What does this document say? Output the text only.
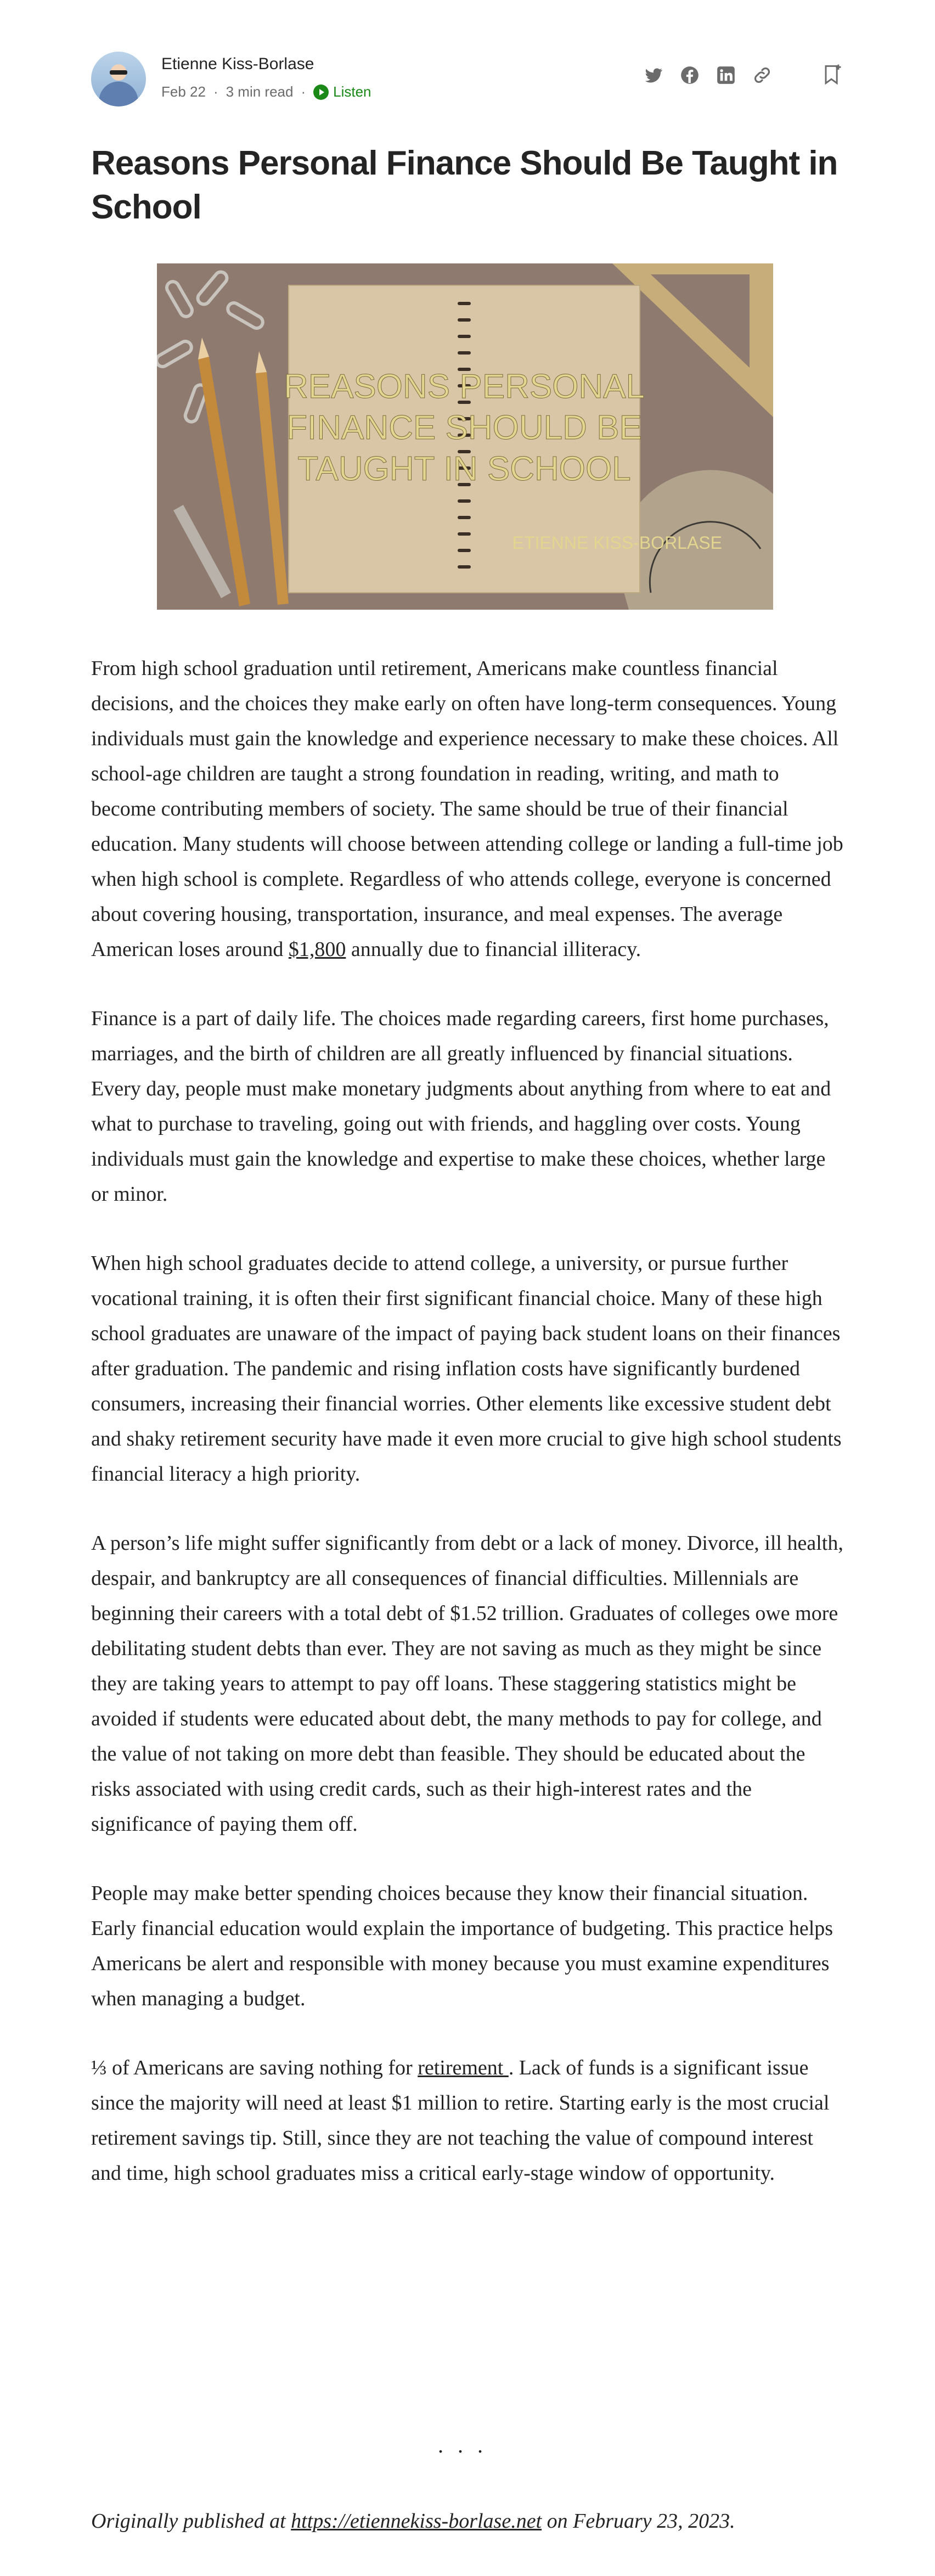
Etienne Kiss-Borlase
Feb 22 · 3 min read · Listen
Reasons Personal Finance Should Be Taught in School
REASONS PERSONAL
FINANCE SHOULD BE
TAUGHT IN SCHOOL
ETIENNE KISS-BORLASE

From high school graduation until retirement, Americans make countless financial decisions, and the choices they make early on often have long-term consequences. Young individuals must gain the knowledge and experience necessary to make these choices. All school-age children are taught a strong foundation in reading, writing, and math to become contributing members of society. The same should be true of their financial education. Many students will choose between attending college or landing a full-time job when high school is complete. Regardless of who attends college, everyone is concerned about covering housing, transportation, insurance, and meal expenses. The average American loses around $1,800 annually due to financial illiteracy.

Finance is a part of daily life. The choices made regarding careers, first home purchases, marriages, and the birth of children are all greatly influenced by financial situations. Every day, people must make monetary judgments about anything from where to eat and what to purchase to traveling, going out with friends, and haggling over costs. Young individuals must gain the knowledge and expertise to make these choices, whether large or minor.

When high school graduates decide to attend college, a university, or pursue further vocational training, it is often their first significant financial choice. Many of these high school graduates are unaware of the impact of paying back student loans on their finances after graduation. The pandemic and rising inflation costs have significantly burdened consumers, increasing their financial worries. Other elements like excessive student debt and shaky retirement security have made it even more crucial to give high school students financial literacy a high priority.

A person’s life might suffer significantly from debt or a lack of money. Divorce, ill health, despair, and bankruptcy are all consequences of financial difficulties. Millennials are beginning their careers with a total debt of $1.52 trillion. Graduates of colleges owe more debilitating student debts than ever. They are not saving as much as they might be since they are taking years to attempt to pay off loans. These staggering statistics might be avoided if students were educated about debt, the many methods to pay for college, and the value of not taking on more debt than feasible. They should be educated about the risks associated with using credit cards, such as their high-interest rates and the significance of paying them off.

People may make better spending choices because they know their financial situation. Early financial education would explain the importance of budgeting. This practice helps Americans be alert and responsible with money because you must examine expenditures when managing a budget.

⅓ of Americans are saving nothing for retirement . Lack of funds is a significant issue since the majority will need at least $1 million to retire. Starting early is the most crucial retirement savings tip. Still, since they are not teaching the value of compound interest and time, high school graduates miss a critical early-stage window of opportunity.

...
Originally published at https://etiennekiss-borlase.net on February 23, 2023.
